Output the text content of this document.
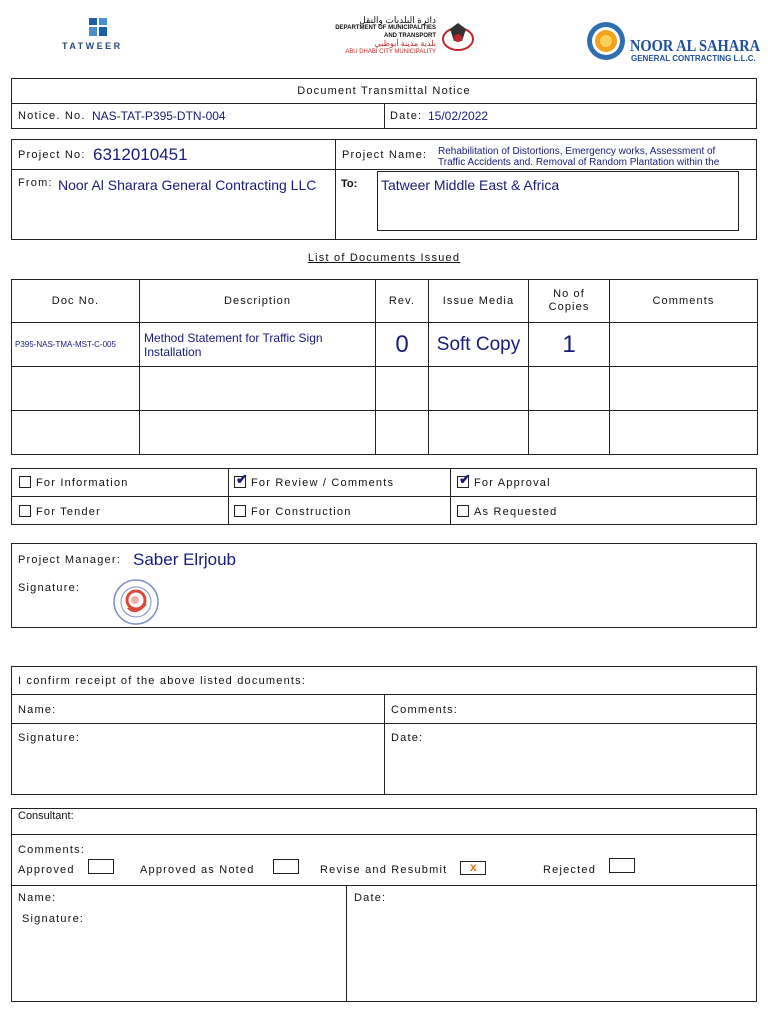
TATWEER
دائرة البلديات والنقل
DEPARTMENT OF MUNICIPALITIES
AND TRANSPORT
بلدية مدينة أبوظبي
ABU DHABI CITY MUNICIPALITY	NOOR AL SAHARA
GENERAL CONTRACTING L.L.C.
Document Transmittal Notice
Notice. No. NAS-TAT-P395-DTN-004	Date: 15/02/2022
Project No: 6312010451	Project Name: Rehabilitation of Distortions, Emergency works, Assessment of Traffic Accidents and. Removal of Random Plantation within the
From: Noor Al Sharara General Contracting LLC	To: Tatweer Middle East & Africa
List of Documents Issued
Doc No.	Description	Rev.	Issue Media	No of Copies	Comments
P395-NAS-TMA-MST-C-005	Method Statement for Traffic Sign Installation	0	Soft Copy	1	

For Information	✔ For Review / Comments	✔ For Approval
For Tender	For Construction	As Requested
Project Manager: Saber Elrjoub
Signature:
I confirm receipt of the above listed documents:
Name:	Comments:
Signature:	Date:
Consultant:
Comments:
Approved	Approved as Noted	Revise and Resubmit x	Rejected
Name:
Signature:
Date:
